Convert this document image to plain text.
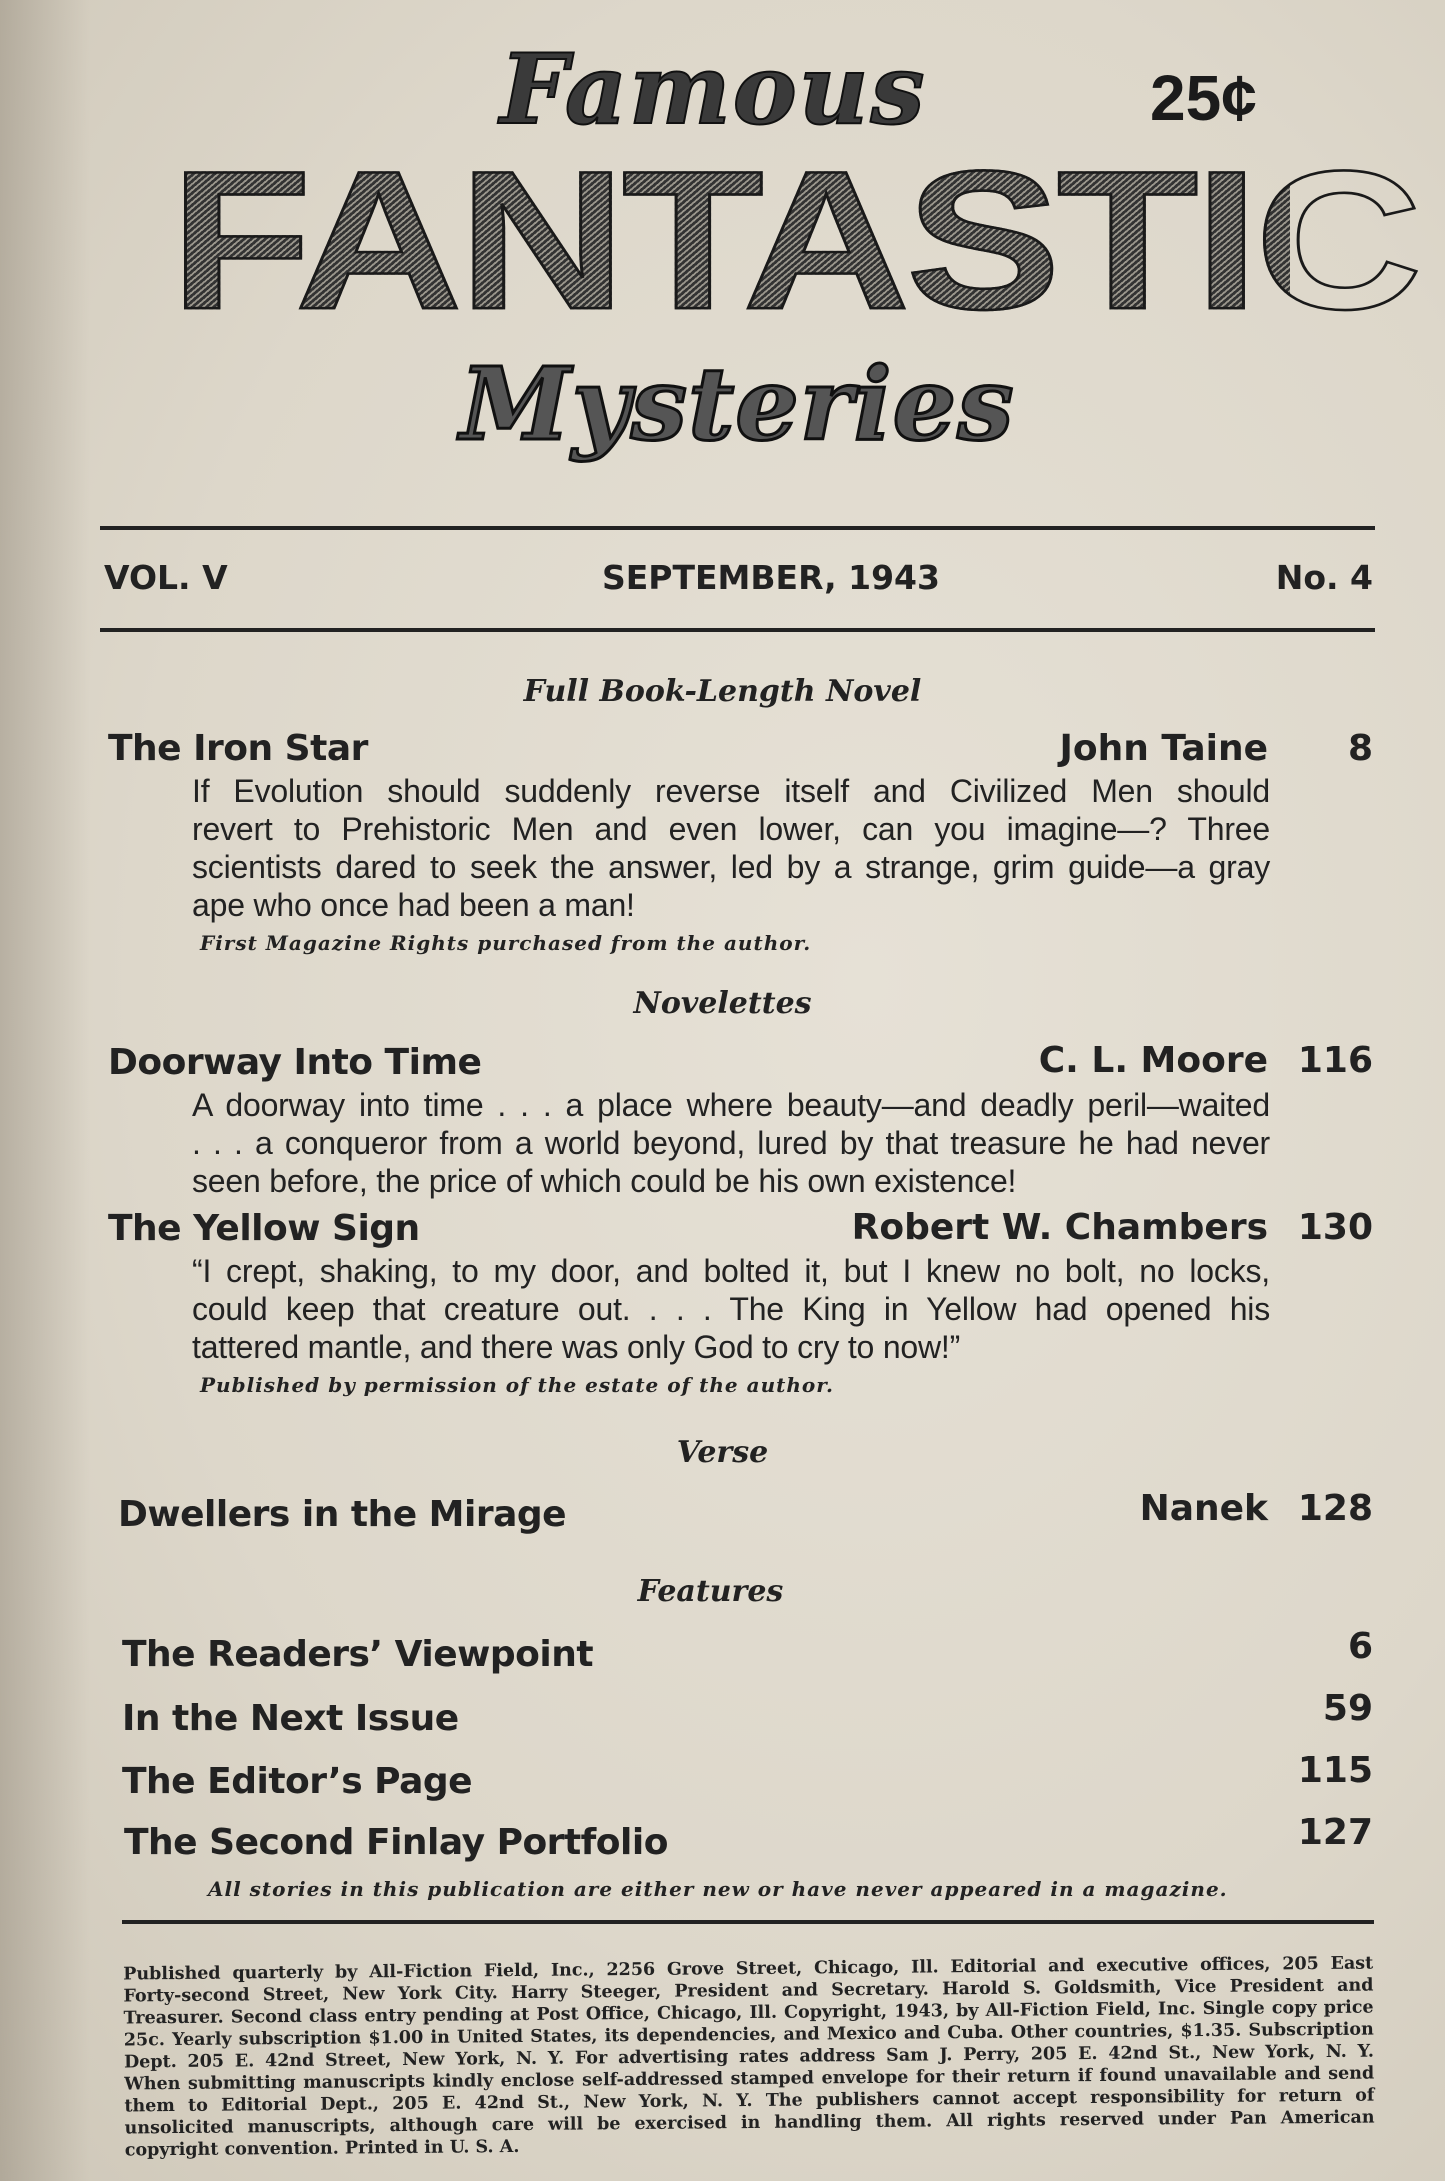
Famous	25¢
FANTASTIC
Mysteries
VOL. V	SEPTEMBER, 1943	No. 4
Full Book-Length Novel
The Iron Star	John Taine 8
If Evolution should suddenly reverse itself and Civilized Men should
revert to Prehistoric Men and even lower, can you imagine—? Three
scientists dared to seek the answer, led by a strange, grim guide—a gray
ape who once had been a man!
First Magazine Rights purchased from the author.
Novelettes
Doorway Into Time	C. L. Moore 116
A doorway into time . . . a place where beauty—and deadly peril—waited
. . . a conqueror from a world beyond, lured by that treasure he had never
seen before, the price of which could be his own existence!
The Yellow Sign	Robert W. Chambers 130
“I crept, shaking, to my door, and bolted it, but I knew no bolt, no locks,
could keep that creature out. . . . The King in Yellow had opened his
tattered mantle, and there was only God to cry to now!”
Published by permission of the estate of the author.
Verse
Dwellers in the Mirage	Nanek 128
Features
The Readers’ Viewpoint	6
In the Next Issue	59
The Editor’s Page	115
The Second Finlay Portfolio	127
All stories in this publication are either new or have never appeared in a magazine.
Published quarterly by All-Fiction Field, Inc., 2256 Grove Street, Chicago, Ill. Editorial and executive offices, 205 East
Forty-second Street, New York City. Harry Steeger, President and Secretary. Harold S. Goldsmith, Vice President and
Treasurer. Second class entry pending at Post Office, Chicago, Ill. Copyright, 1943, by All-Fiction Field, Inc. Single copy price
25c. Yearly subscription $1.00 in United States, its dependencies, and Mexico and Cuba. Other countries, $1.35. Subscription
Dept. 205 E. 42nd Street, New York, N. Y. For advertising rates address Sam J. Perry, 205 E. 42nd St., New York, N. Y.
When submitting manuscripts kindly enclose self-addressed stamped envelope for their return if found unavailable and send
them to Editorial Dept., 205 E. 42nd St., New York, N. Y. The publishers cannot accept responsibility for return of
unsolicited manuscripts, although care will be exercised in handling them. All rights reserved under Pan American
copyright convention. Printed in U. S. A.
